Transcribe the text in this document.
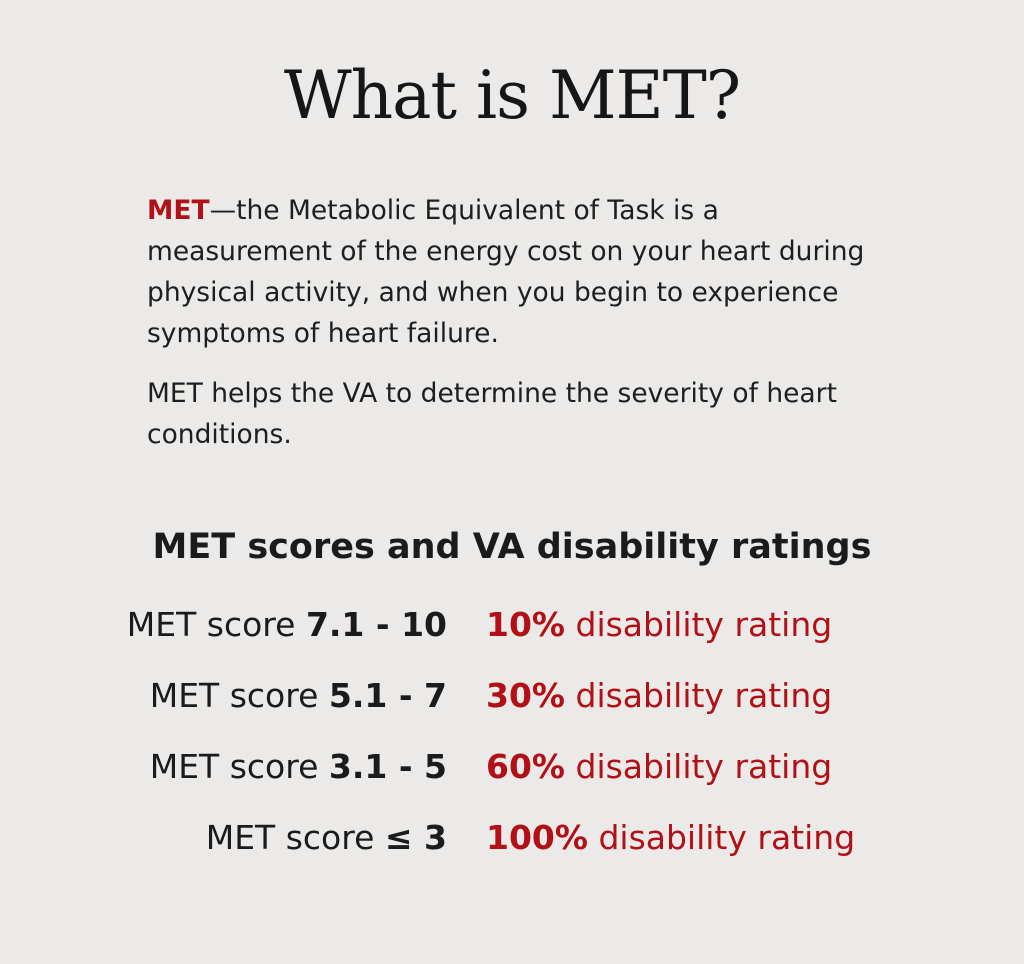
What is MET?

MET—the Metabolic Equivalent of Task is a measurement of the energy cost on your heart during physical activity, and when you begin to experience symptoms of heart failure.

MET helps the VA to determine the severity of heart conditions.

MET scores and VA disability ratings
MET score 7.1 - 10 10% disability rating
MET score 5.1 - 7 30% disability rating
MET score 3.1 - 5 60% disability rating
MET score ≤ 3 100% disability rating
